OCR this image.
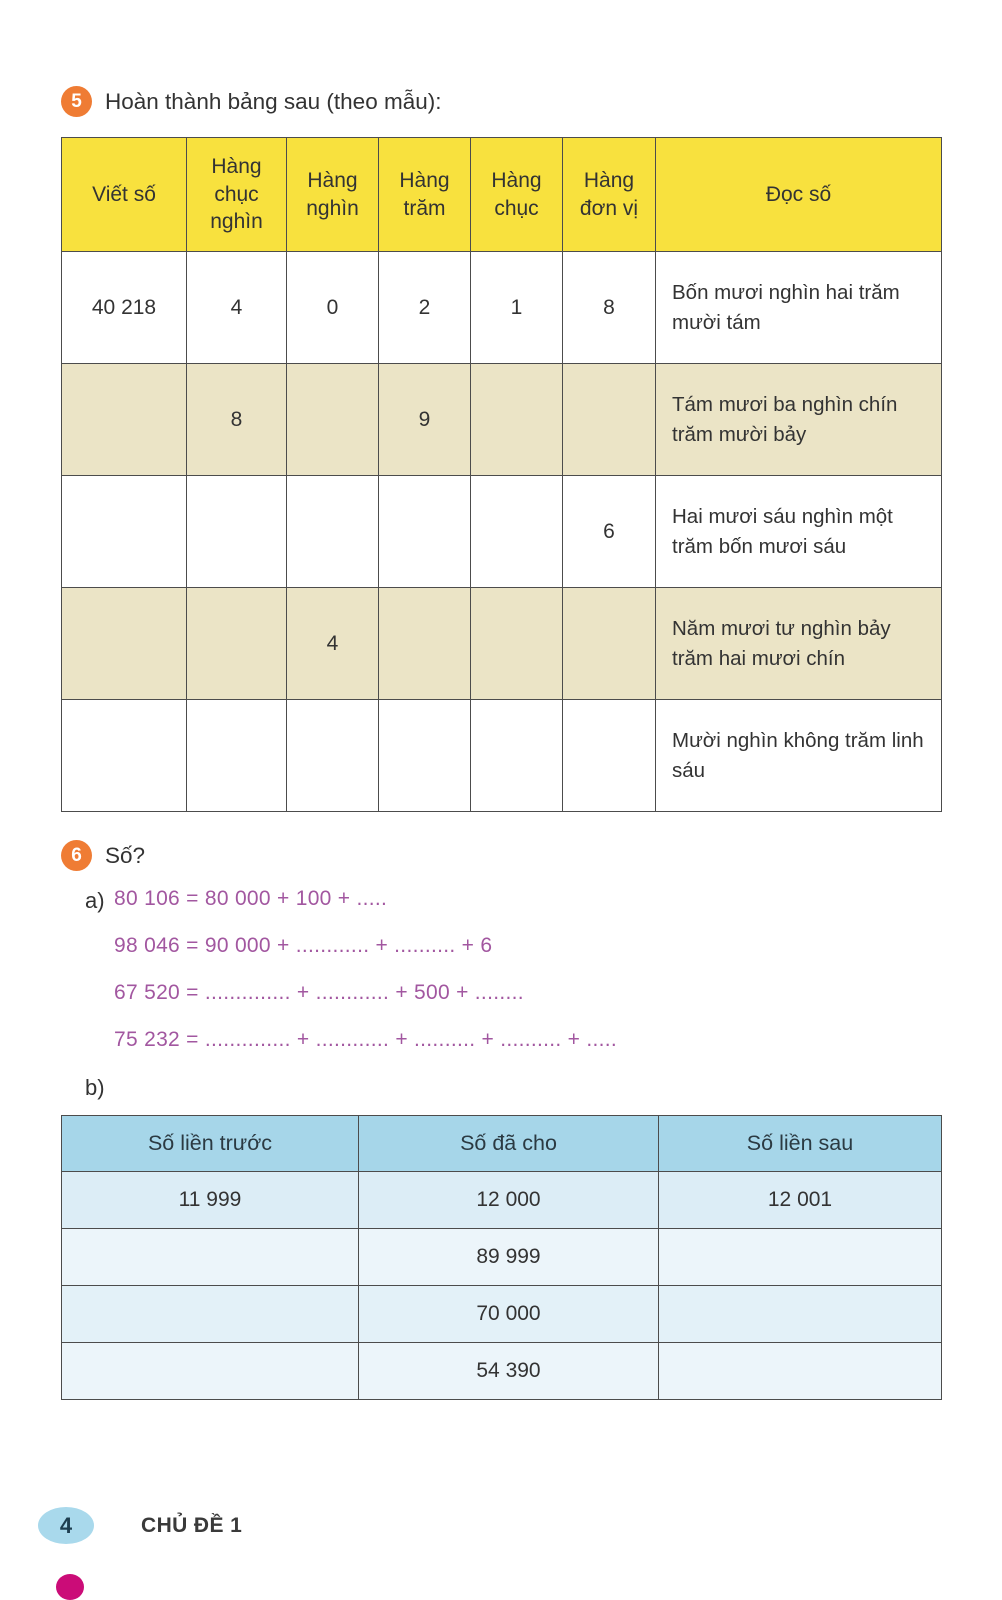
5	Hoàn thành bảng sau (theo mẫu):
Viết số	Hàng chục nghìn	Hàng nghìn	Hàng trăm	Hàng chục	Hàng đơn vị	Đọc số
40 218	4	0	2	1	8	Bốn mươi nghìn hai trăm mười tám
	8		9			Tám mươi ba nghìn chín trăm mười bảy
					6	Hai mươi sáu nghìn một trăm bốn mươi sáu
		4				Năm mươi tư nghìn bảy trăm hai mươi chín
						Mười nghìn không trăm linh sáu
6	Số?
a) 80 106 = 80 000 + 100 + .....
98 046 = 90 000 + ............ + .......... + 6
67 520 = .............. + ............ + 500 + ........
75 232 = .............. + ............ + .......... + .......... + .....
b)
Số liền trước	Số đã cho	Số liền sau
11 999	12 000	12 001
	89 999	
	70 000	
	54 390	
4	CHỦ ĐỀ 1
